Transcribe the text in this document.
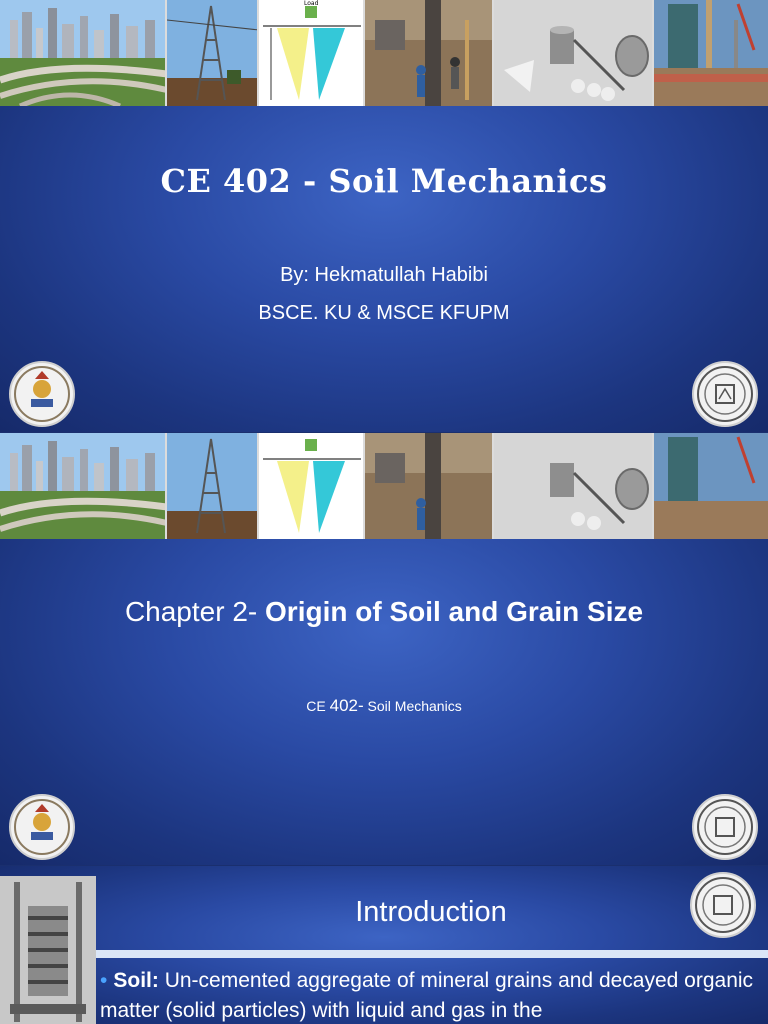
Load
CE 402 - Soil Mechanics
By: Hekmatullah Habibi
BSCE. KU & MSCE KFUPM
Chapter 2- Origin of Soil and Grain Size
CE 402- Soil Mechanics
Introduction
• Soil: Un-cemented aggregate of mineral grains and decayed organic matter (solid particles) with liquid and gas in the
